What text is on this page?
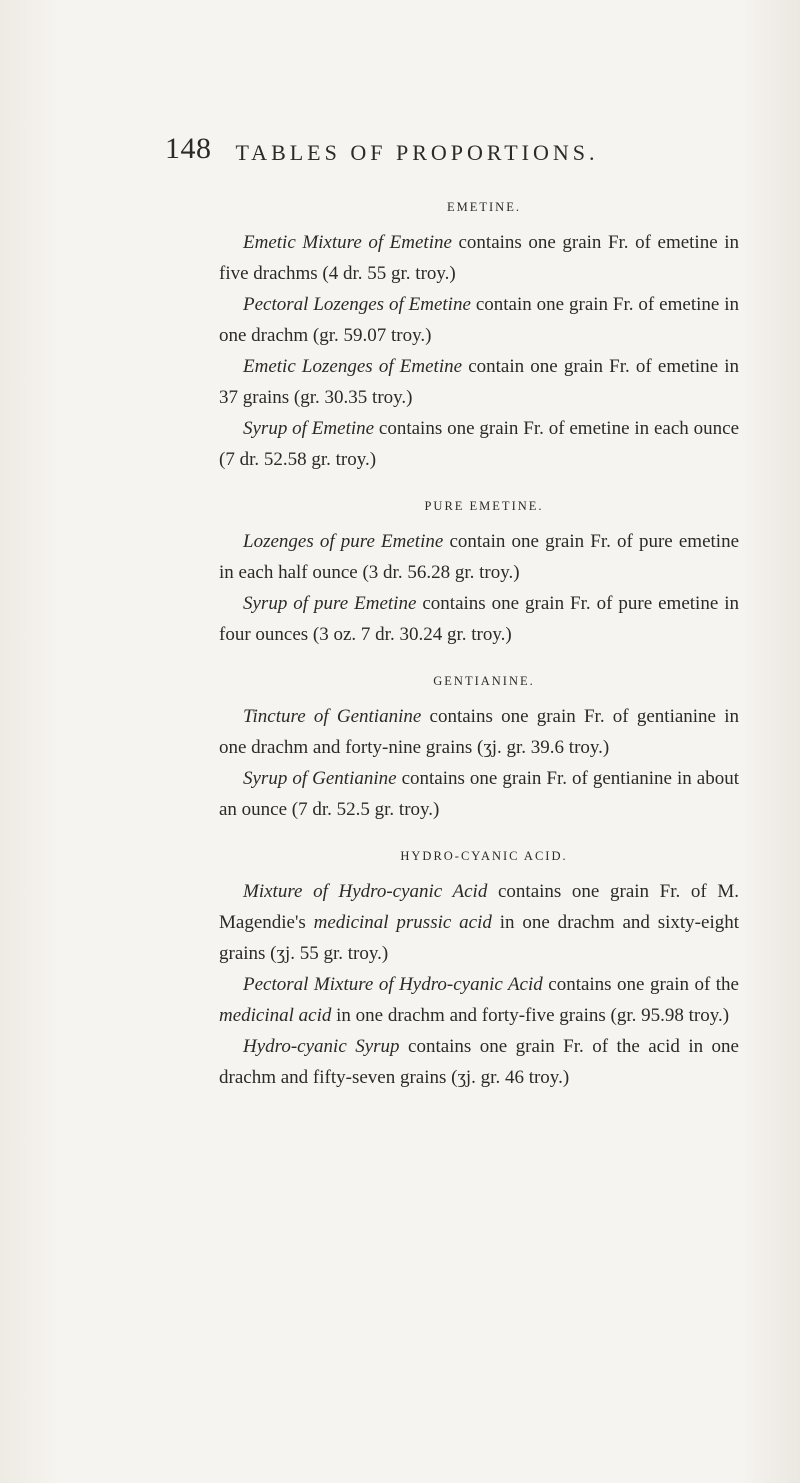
148 TABLES OF PROPORTIONS.
EMETINE.

Emetic Mixture of Emetine contains one grain Fr. of emetine in five drachms (4 dr. 55 gr. troy.)

Pectoral Lozenges of Emetine contain one grain Fr. of emetine in one drachm (gr. 59.07 troy.)

Emetic Lozenges of Emetine contain one grain Fr. of emetine in 37 grains (gr. 30.35 troy.)

Syrup of Emetine contains one grain Fr. of emetine in each ounce (7 dr. 52.58 gr. troy.)

PURE EMETINE.

Lozenges of pure Emetine contain one grain Fr. of pure emetine in each half ounce (3 dr. 56.28 gr. troy.)

Syrup of pure Emetine contains one grain Fr. of pure emetine in four ounces (3 oz. 7 dr. 30.24 gr. troy.)

GENTIANINE.

Tincture of Gentianine contains one grain Fr. of gentianine in one drachm and forty-nine grains (ʒj. gr. 39.6 troy.)

Syrup of Gentianine contains one grain Fr. of gentianine in about an ounce (7 dr. 52.5 gr. troy.)

HYDRO-CYANIC ACID.

Mixture of Hydro-cyanic Acid contains one grain Fr. of M. Magendie's medicinal prussic acid in one drachm and sixty-eight grains (ʒj. 55 gr. troy.)

Pectoral Mixture of Hydro-cyanic Acid contains one grain of the medicinal acid in one drachm and forty-five grains (gr. 95.98 troy.)

Hydro-cyanic Syrup contains one grain Fr. of the acid in one drachm and fifty-seven grains (ʒj. gr. 46 troy.)
